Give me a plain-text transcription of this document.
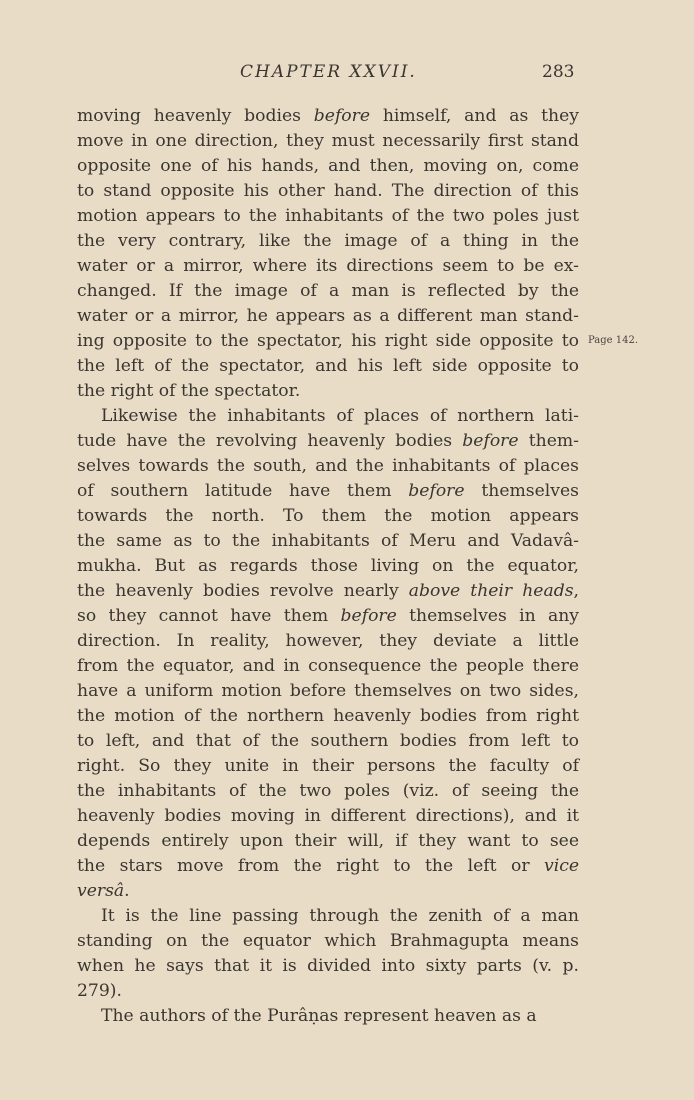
CHAPTER XXVII.	283
moving heavenly bodies before himself, and as they
move in one direction, they must necessarily first stand
opposite one of his hands, and then, moving on, come
to stand opposite his other hand. The direction of this
motion appears to the inhabitants of the two poles just
the very contrary, like the image of a thing in the
water or a mirror, where its directions seem to be ex-
changed. If the image of a man is reflected by the
water or a mirror, he appears as a different man stand-
ing opposite to the spectator, his right side opposite to
the left of the spectator, and his left side opposite to
the right of the spectator.
Likewise the inhabitants of places of northern lati-
tude have the revolving heavenly bodies before them-
selves towards the south, and the inhabitants of places
of southern latitude have them before themselves
towards the north. To them the motion appears
the same as to the inhabitants of Meru and Vadavâ-
mukha. But as regards those living on the equator,
the heavenly bodies revolve nearly above their heads,
so they cannot have them before themselves in any
direction. In reality, however, they deviate a little
from the equator, and in consequence the people there
have a uniform motion before themselves on two sides,
the motion of the northern heavenly bodies from right
to left, and that of the southern bodies from left to
right. So they unite in their persons the faculty of
the inhabitants of the two poles (viz. of seeing the
heavenly bodies moving in different directions), and it
depends entirely upon their will, if they want to see
the stars move from the right to the left or vice
versâ.
It is the line passing through the zenith of a man
standing on the equator which Brahmagupta means
when he says that it is divided into sixty parts (v. p.
279).
The authors of the Purâṇas represent heaven as a
Page 142.
